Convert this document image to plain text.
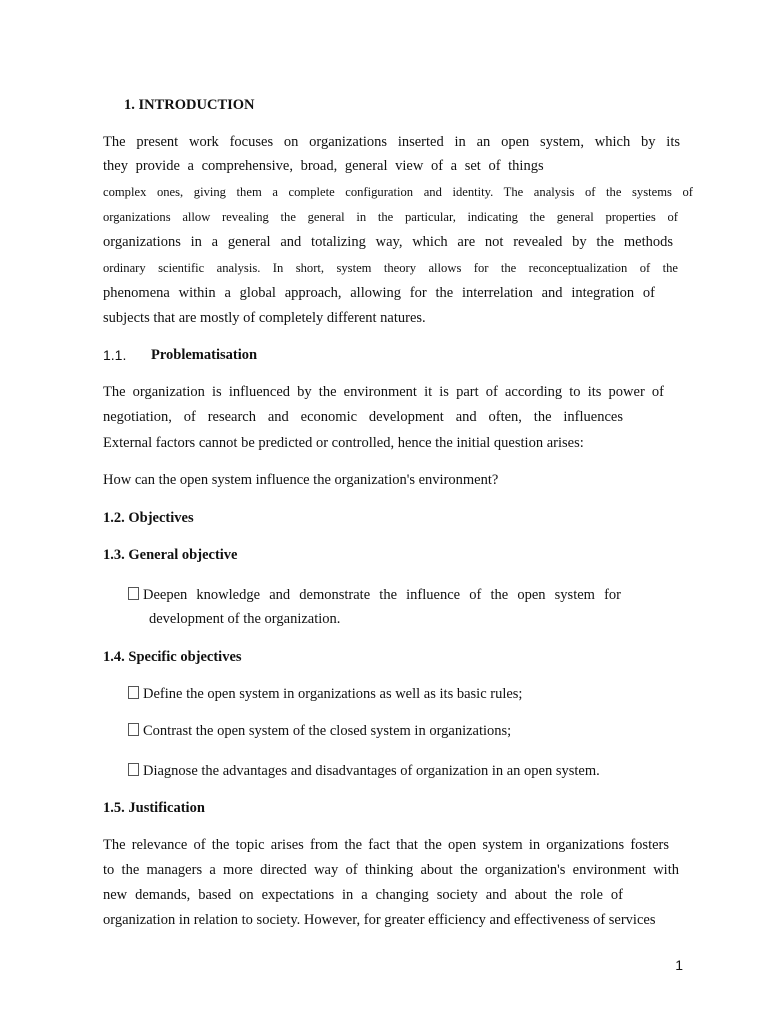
1. INTRODUCTION
The present work focuses on organizations inserted in an open system, which by its
they provide a comprehensive, broad, general view of a set of things
complex ones, giving them a complete configuration and identity. The analysis of the systems of
organizations allow revealing the general in the particular, indicating the general properties of
organizations in a general and totalizing way, which are not revealed by the methods
ordinary scientific analysis. In short, system theory allows for the reconceptualization of the
phenomena within a global approach, allowing for the interrelation and integration of
subjects that are mostly of completely different natures.
1.1.	Problematisation
The organization is influenced by the environment it is part of according to its power of
negotiation, of research and economic development and often, the influences
External factors cannot be predicted or controlled, hence the initial question arises:
How can the open system influence the organization's environment?
1.2. Objectives
1.3. General objective
Deepen knowledge and demonstrate the influence of the open system for
development of the organization.
1.4. Specific objectives
Define the open system in organizations as well as its basic rules;
Contrast the open system of the closed system in organizations;
Diagnose the advantages and disadvantages of organization in an open system.
1.5. Justification
The relevance of the topic arises from the fact that the open system in organizations fosters
to the managers a more directed way of thinking about the organization's environment with
new demands, based on expectations in a changing society and about the role of
organization in relation to society. However, for greater efficiency and effectiveness of services
1
